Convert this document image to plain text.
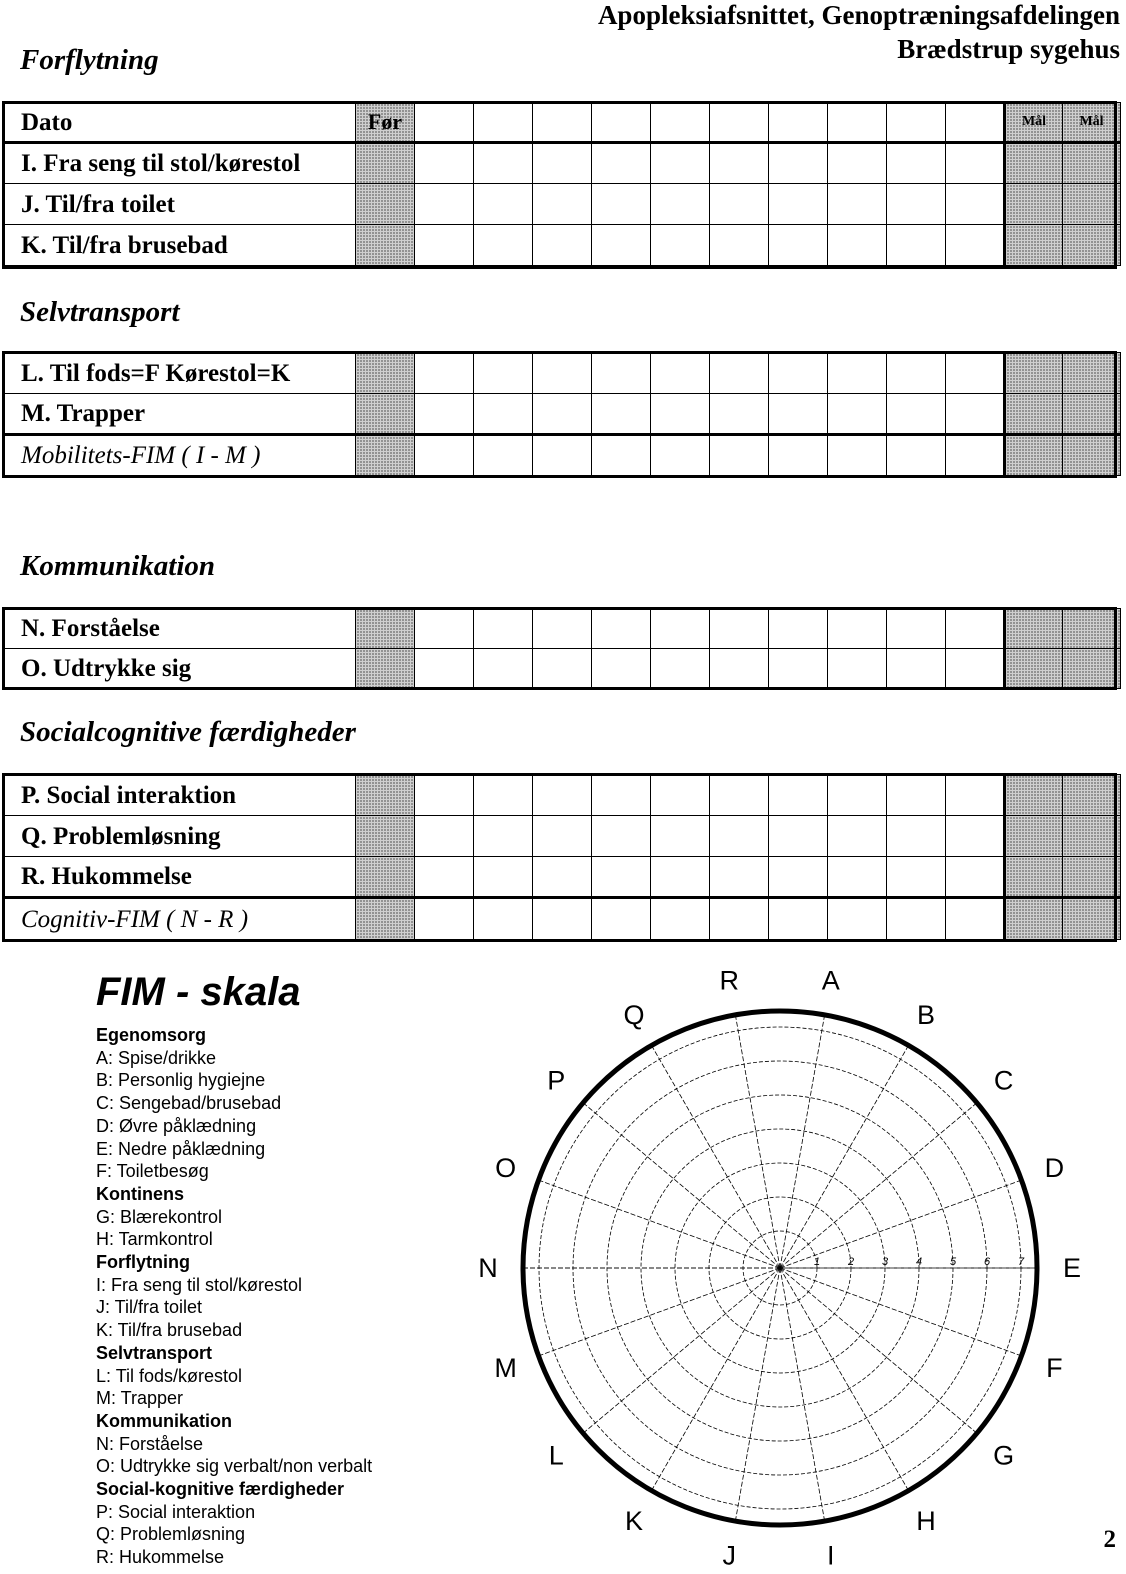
Apopleksiafsnittet, Genoptræningsafdelingen
Brædstrup sygehus
Forflytning
Dato	Før											Mål	Mål
I. Fra seng til stol/kørestol													
J. Til/fra toilet													
K. Til/fra brusebad													
Selvtransport
L. Til fods=F Kørestol=K													
M. Trapper													
Mobilitets-FIM ( I - M )													
Kommunikation
N. Forståelse													
O. Udtrykke sig													
Socialcognitive færdigheder
P. Social interaktion													
Q. Problemløsning													
R. Hukommelse													
Cognitiv-FIM ( N - R )													
FIM - skala
Egenomsorg
A: Spise/drikke
B: Personlig hygiejne
C: Sengebad/brusebad
D: Øvre påklædning
E: Nedre påklædning
F: Toiletbesøg
Kontinens
G: Blærekontrol
H: Tarmkontrol
Forflytning
I: Fra seng til stol/kørestol
J: Til/fra toilet
K: Til/fra brusebad
Selvtransport
L: Til fods/kørestol
M: Trapper
Kommunikation
N: Forståelse
O: Udtrykke sig verbalt/non verbalt
Social-kognitive færdigheder
P: Social interaktion
Q: Problemløsning
R: Hukommelse
A
B
C
D
E
F
G
H
I
J
K
L
M
N
O
P
Q
R
1	2	3	4	5	6	7
2
